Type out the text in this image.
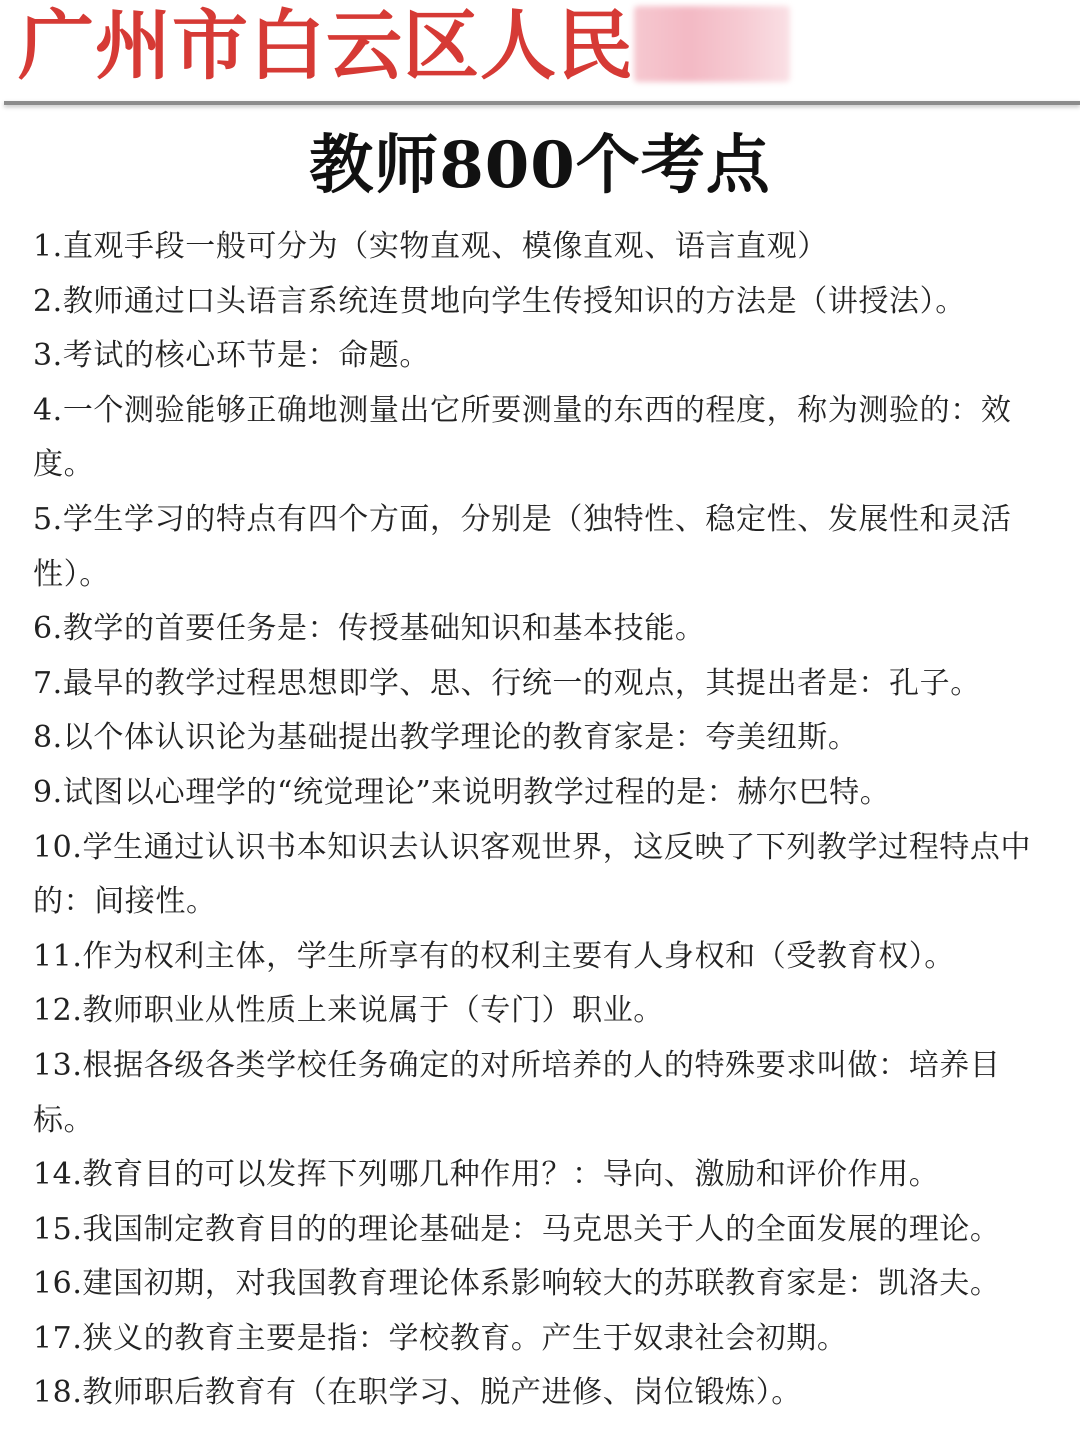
广州市白云区人民
教师800个考点
1.直观手段一般可分为（实物直观、模像直观、语言直观）
2.教师通过口头语言系统连贯地向学生传授知识的方法是（讲授法）。
3.考试的核心环节是：命题。
4.一个测验能够正确地测量出它所要测量的东西的程度，称为测验的：效度。
5.学生学习的特点有四个方面，分别是（独特性、稳定性、发展性和灵活性）。
6.教学的首要任务是：传授基础知识和基本技能。
7.最早的教学过程思想即学、思、行统一的观点，其提出者是：孔子。
8.以个体认识论为基础提出教学理论的教育家是：夸美纽斯。
9.试图以心理学的“统觉理论”来说明教学过程的是：赫尔巴特。
10.学生通过认识书本知识去认识客观世界，这反映了下列教学过程特点中的：间接性。
11.作为权利主体，学生所享有的权利主要有人身权和（受教育权）。
12.教师职业从性质上来说属于（专门）职业。
13.根据各级各类学校任务确定的对所培养的人的特殊要求叫做：培养目标。
14.教育目的可以发挥下列哪几种作用？：导向、激励和评价作用。
15.我国制定教育目的的理论基础是：马克思关于人的全面发展的理论。
16.建国初期，对我国教育理论体系影响较大的苏联教育家是：凯洛夫。
17.狭义的教育主要是指：学校教育。产生于奴隶社会初期。
18.教师职后教育有（在职学习、脱产进修、岗位锻炼）。
